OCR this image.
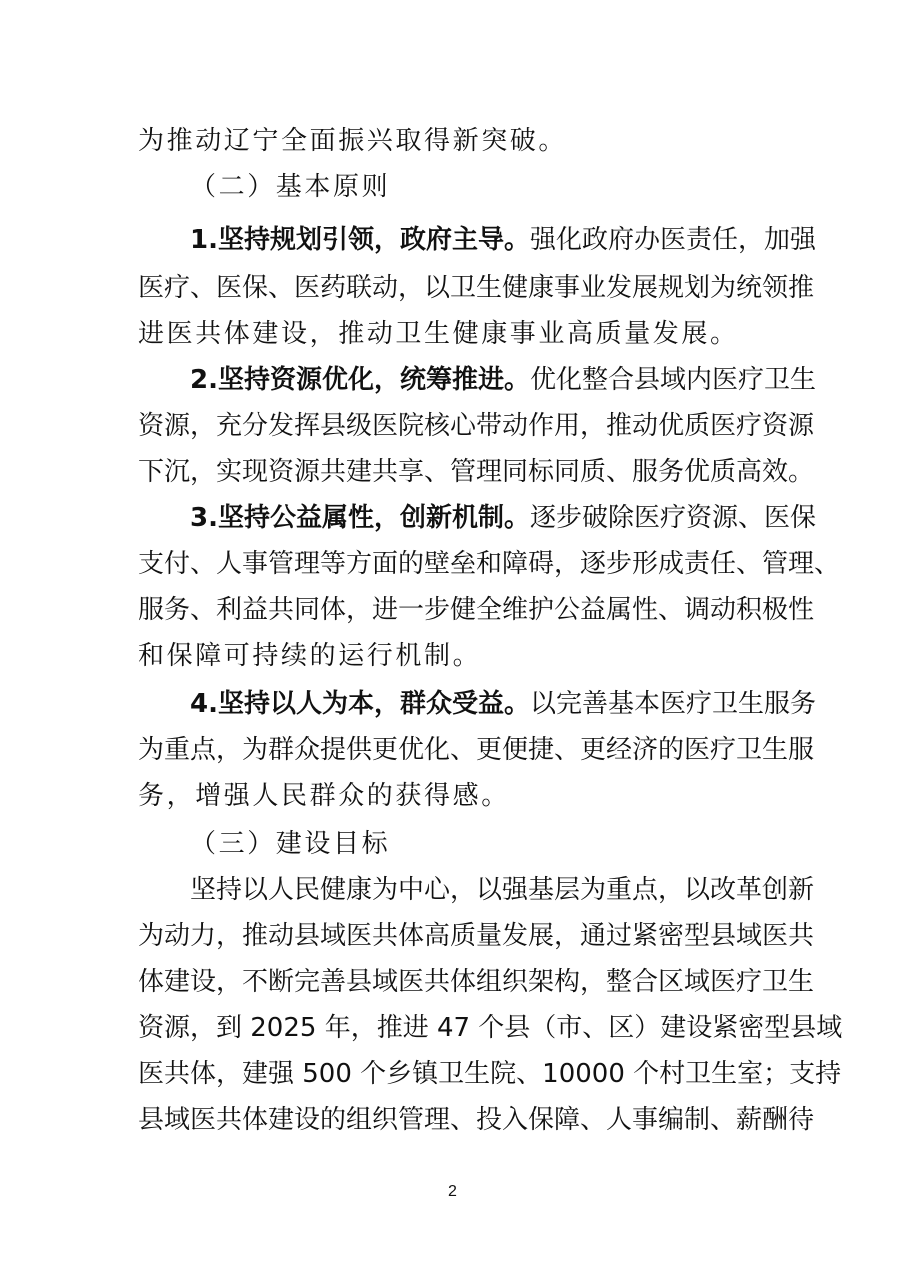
为推动辽宁全面振兴取得新突破。
（二）基本原则
1.坚持规划引领，政府主导。强化政府办医责任，加强
医疗、医保、医药联动，以卫生健康事业发展规划为统领推
进医共体建设，推动卫生健康事业高质量发展。
2.坚持资源优化，统筹推进。优化整合县域内医疗卫生
资源，充分发挥县级医院核心带动作用，推动优质医疗资源
下沉，实现资源共建共享、管理同标同质、服务优质高效。
3.坚持公益属性，创新机制。逐步破除医疗资源、医保
支付、人事管理等方面的壁垒和障碍，逐步形成责任、管理、
服务、利益共同体，进一步健全维护公益属性、调动积极性
和保障可持续的运行机制。
4.坚持以人为本，群众受益。以完善基本医疗卫生服务
为重点，为群众提供更优化、更便捷、更经济的医疗卫生服
务，增强人民群众的获得感。
（三）建设目标
坚持以人民健康为中心，以强基层为重点，以改革创新
为动力，推动县域医共体高质量发展，通过紧密型县域医共
体建设，不断完善县域医共体组织架构，整合区域医疗卫生
资源，到 2025 年，推进 47 个县（市、区）建设紧密型县域
医共体，建强 500 个乡镇卫生院、10000 个村卫生室；支持
县域医共体建设的组织管理、投入保障、人事编制、薪酬待
2
